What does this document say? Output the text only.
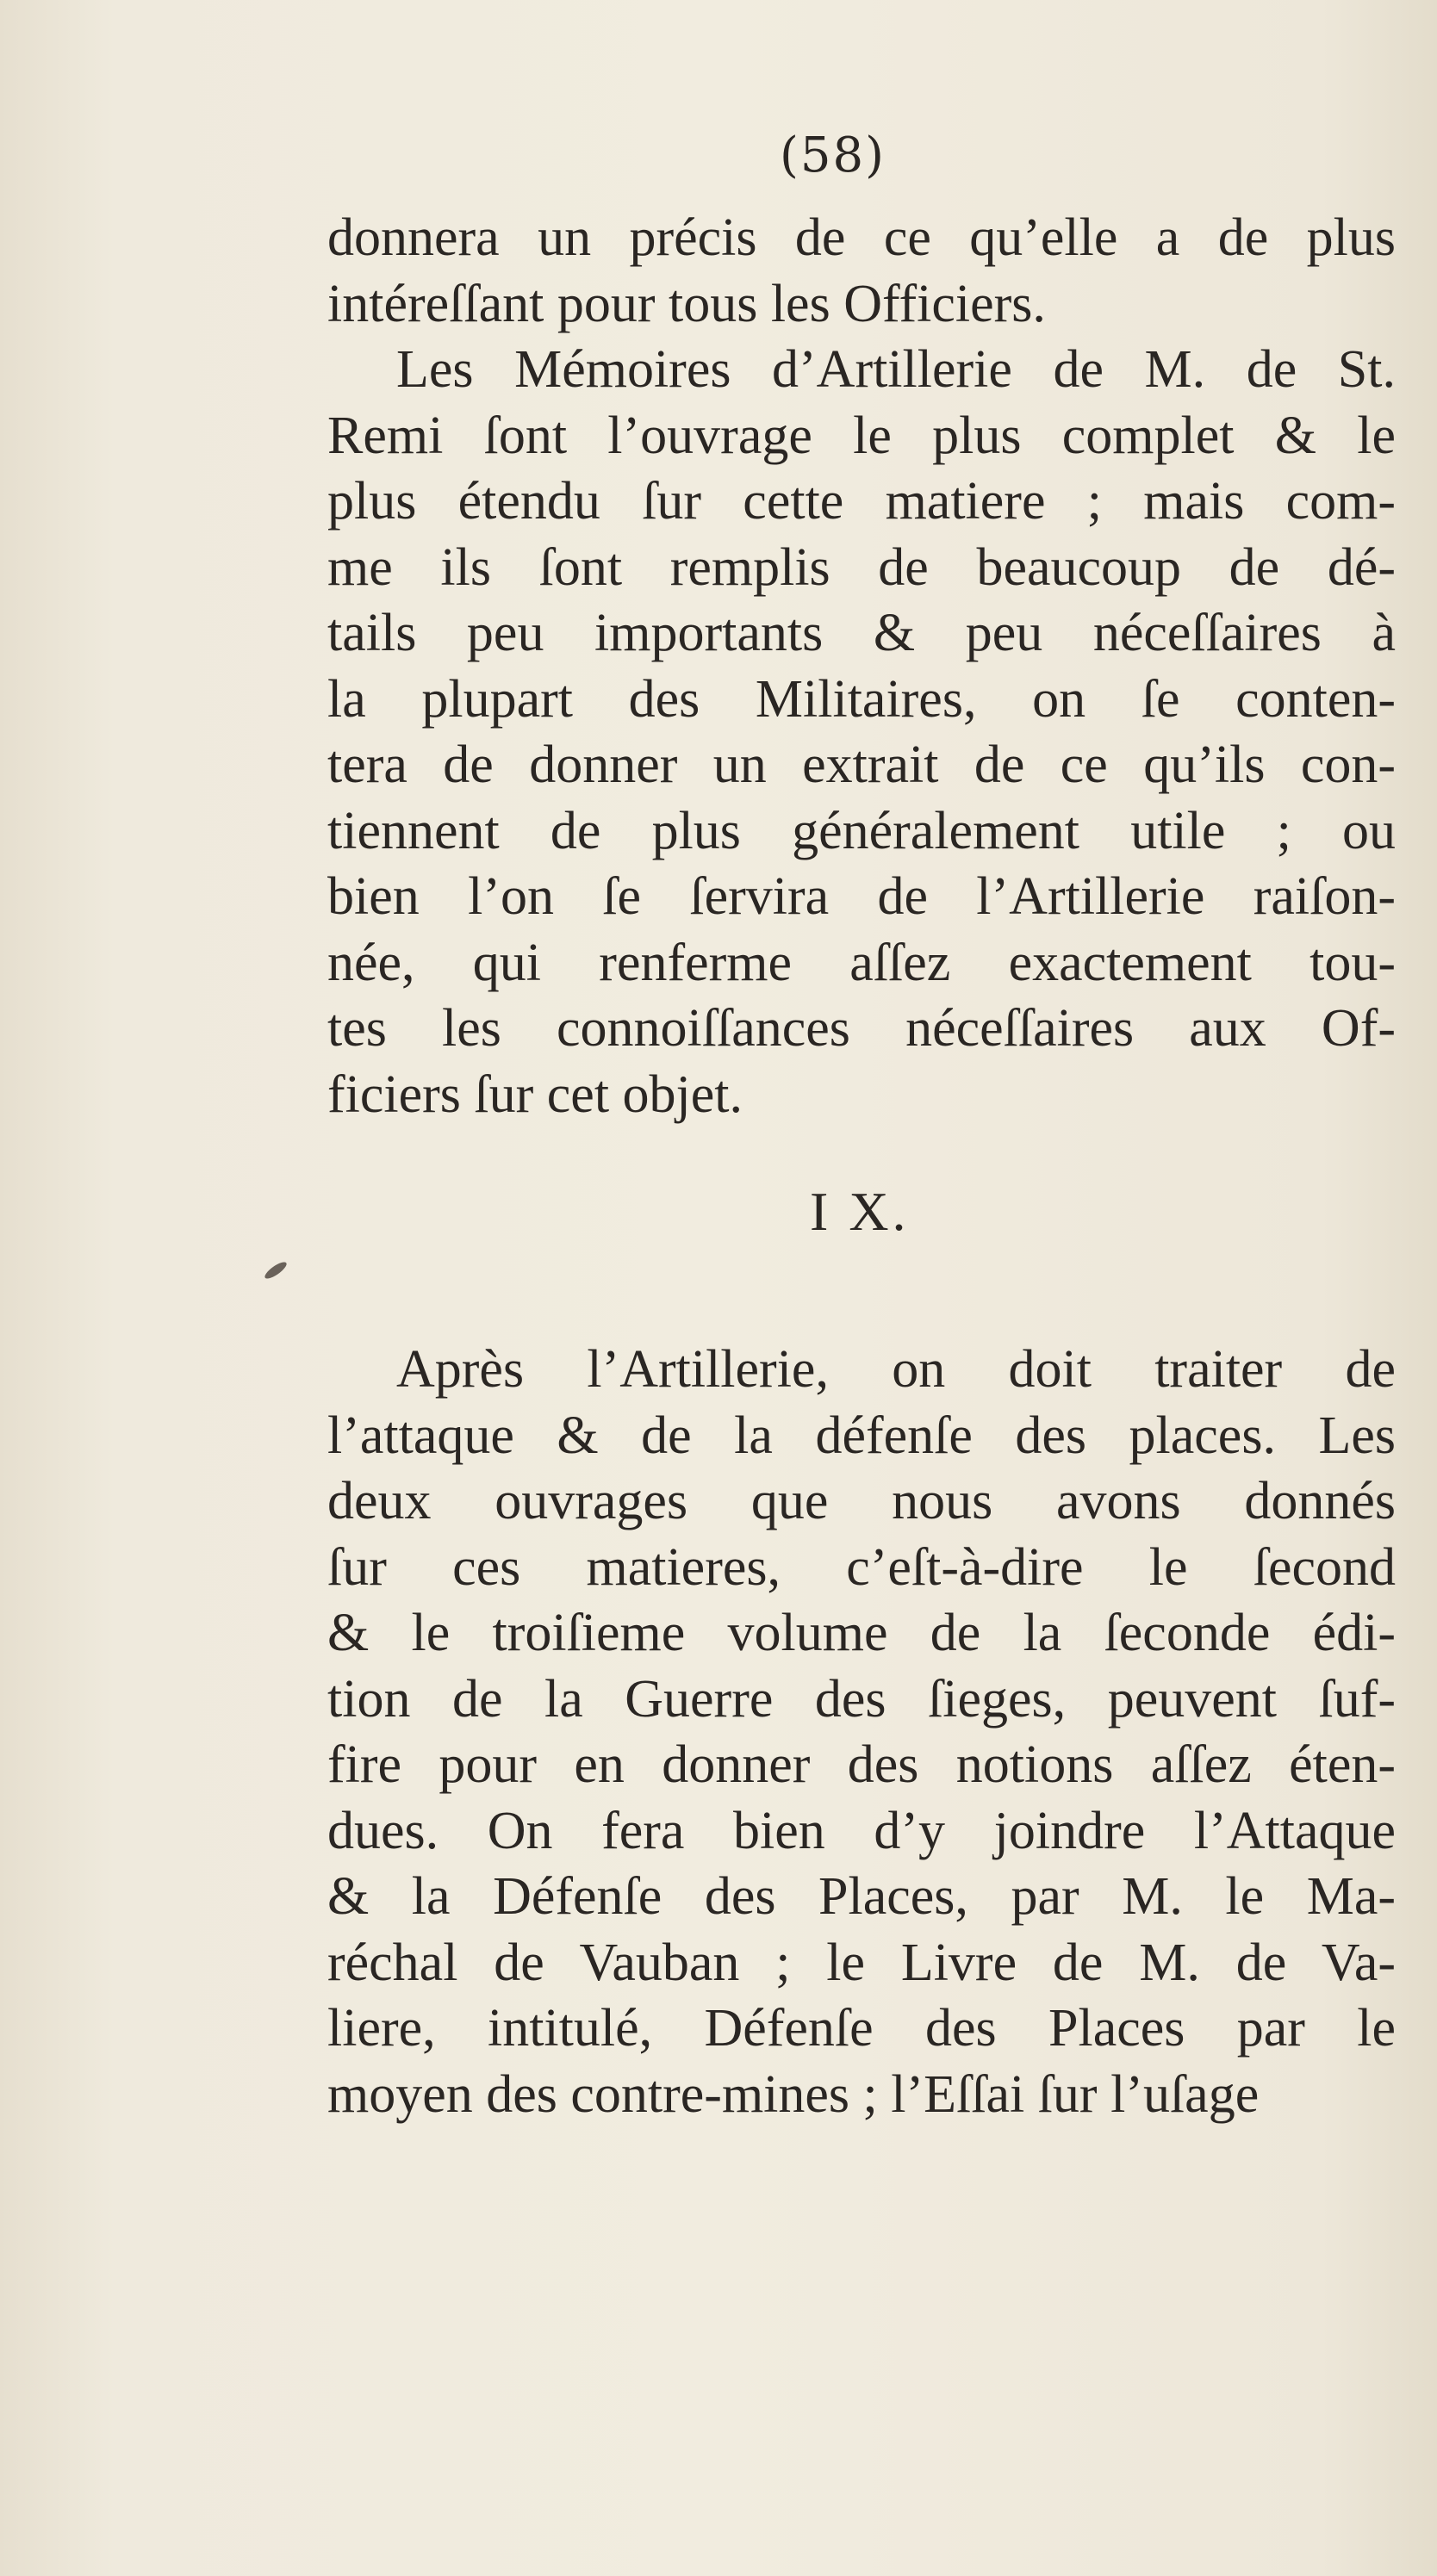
(58)
donnera un précis de ce qu’elle a de plus
intéreſſant pour tous les Officiers.
Les Mémoires d’Artillerie de M. de St.
Remi ſont l’ouvrage le plus complet & le
plus étendu ſur cette matiere ; mais com-
me ils ſont remplis de beaucoup de dé-
tails peu importants & peu néceſſaires à
la plupart des Militaires, on ſe conten-
tera de donner un extrait de ce qu’ils con-
tiennent de plus généralement utile ; ou
bien l’on ſe ſervira de l’Artillerie raiſon-
née, qui renferme aſſez exactement tou-
tes les connoiſſances néceſſaires aux Of-
ficiers ſur cet objet.
I X.
Après l’Artillerie, on doit traiter de
l’attaque & de la défenſe des places. Les
deux ouvrages que nous avons donnés
ſur ces matieres, c’eſt-à-dire le ſecond
& le troiſieme volume de la ſeconde édi-
tion de la Guerre des ſieges, peuvent ſuf-
fire pour en donner des notions aſſez éten-
dues. On fera bien d’y joindre l’Attaque
& la Défenſe des Places, par M. le Ma-
réchal de Vauban ; le Livre de M. de Va-
liere, intitulé, Défenſe des Places par le
moyen des contre-mines ; l’Eſſai ſur l’uſage
